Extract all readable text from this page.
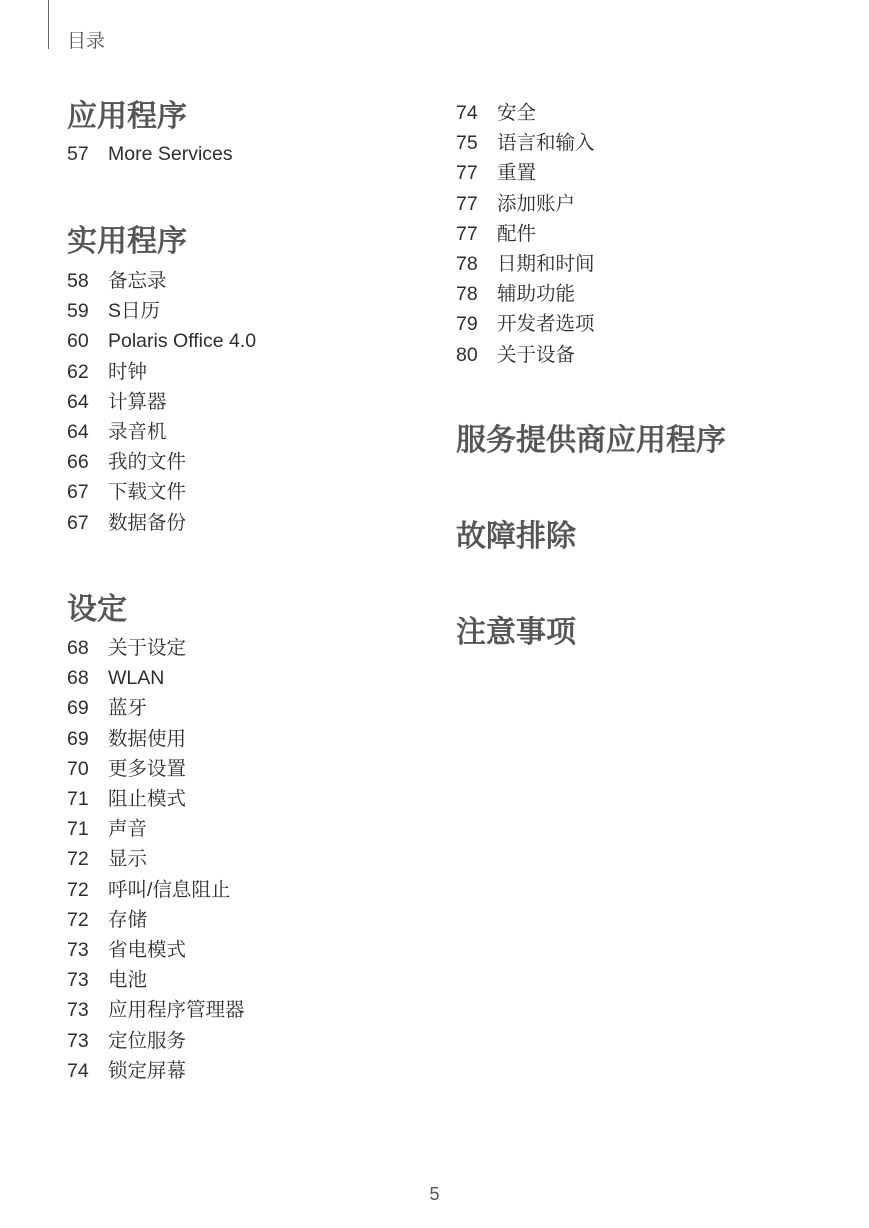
目录
应用程序
57 More Services
实用程序
58 备忘录
59 S日历
60 Polaris Office 4.0
62 时钟
64 计算器
64 录音机
66 我的文件
67 下载文件
67 数据备份
设定
68 关于设定
68 WLAN
69 蓝牙
69 数据使用
70 更多设置
71 阻止模式
71 声音
72 显示
72 呼叫/信息阻止
72 存储
73 省电模式
73 电池
73 应用程序管理器
73 定位服务
74 锁定屏幕
74 安全
75 语言和输入
77 重置
77 添加账户
77 配件
78 日期和时间
78 辅助功能
79 开发者选项
80 关于设备
服务提供商应用程序
故障排除
注意事项
5
